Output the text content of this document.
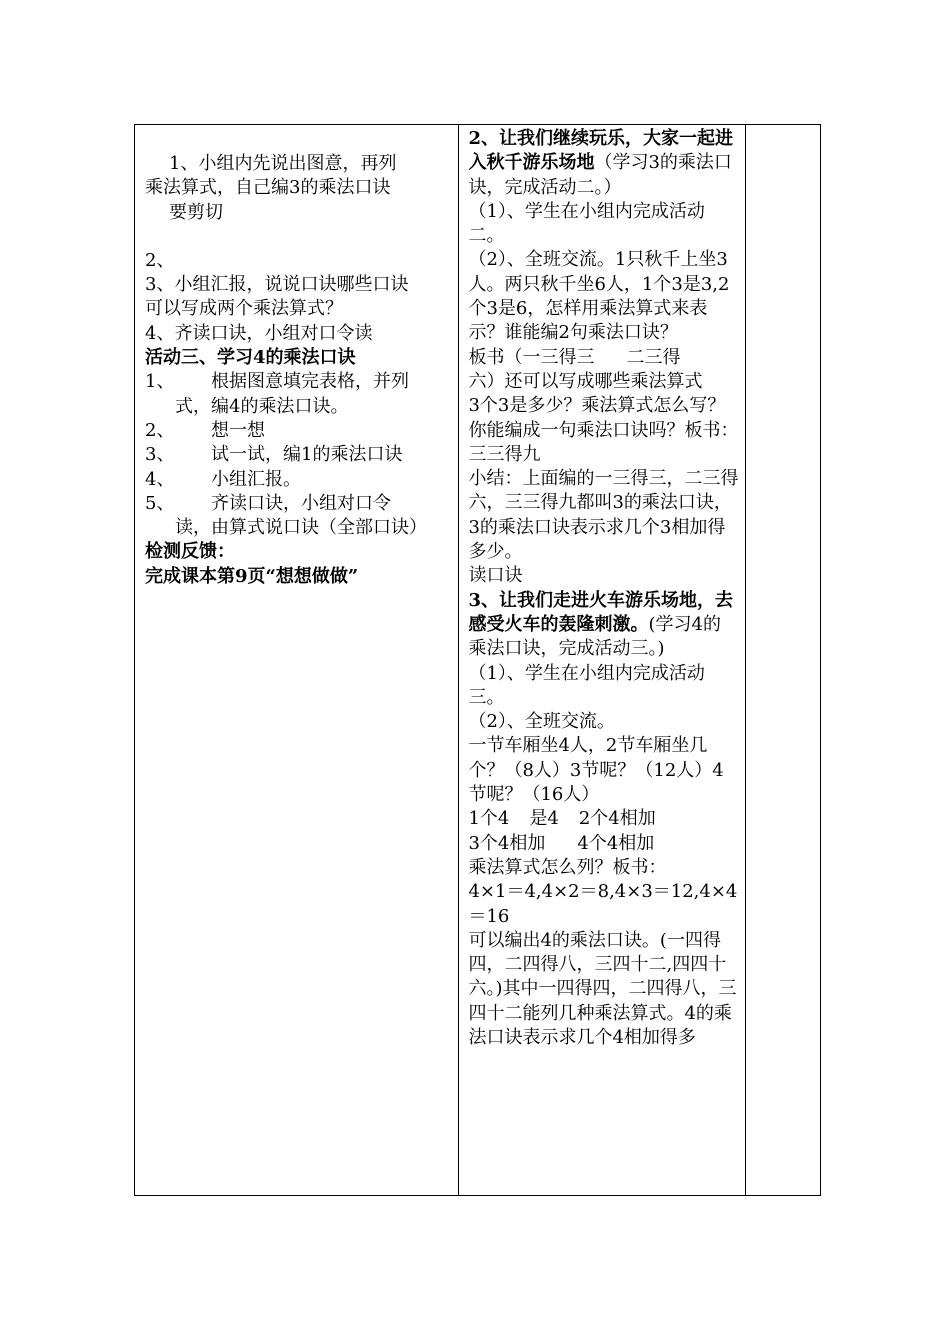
1、小组内先说出图意，再列
乘法算式，自己编3的乘法口诀
要剪切
2、
3、小组汇报，说说口诀哪些口诀
可以写成两个乘法算式？
4、齐读口诀，小组对口令读
活动三、学习4的乘法口诀
1、 根据图意填完表格，并列
式，编4的乘法口诀。
2、 想一想
3、 试一试，编1的乘法口诀
4、 小组汇报。
5、 齐读口诀，小组对口令
读，由算式说口诀（全部口诀）
检测反馈：
完成课本第9页“想想做做”

2、让我们继续玩乐，大家一起进入秋千游乐场地（学习3的乘法口诀，完成活动二。）
（1）、学生在小组内完成活动二。
（2）、全班交流。1只秋千上坐3人。两只秋千坐6人，1个3是3,2个3是6，怎样用乘法算式来表示？谁能编2句乘法口诀？
板书（一三得三 二三得
六）还可以写成哪些乘法算式
3个3是多少？乘法算式怎么写？你能编成一句乘法口诀吗？板书：三三得九
小结：上面编的一三得三，二三得六，三三得九都叫3的乘法口诀，3的乘法口诀表示求几个3相加得多少。
读口诀
3、让我们走进火车游乐场地，去感受火车的轰隆刺激。(学习4的乘法口诀，完成活动三。)
（1）、学生在小组内完成活动三。
（2）、全班交流。
一节车厢坐4人，2节车厢坐几个？（8人）3节呢？（12人）4节呢？（16人）
1个4 是4 2个4相加
3个4相加 4个4相加
乘法算式怎么列？板书：
4×1＝4,4×2＝8,4×3＝12,4×4＝16
可以编出4的乘法口诀。(一四得四，二四得八，三四十二,四四十六。)其中一四得四，二四得八，三四十二能列几种乘法算式。4的乘法口诀表示求几个4相加得多
